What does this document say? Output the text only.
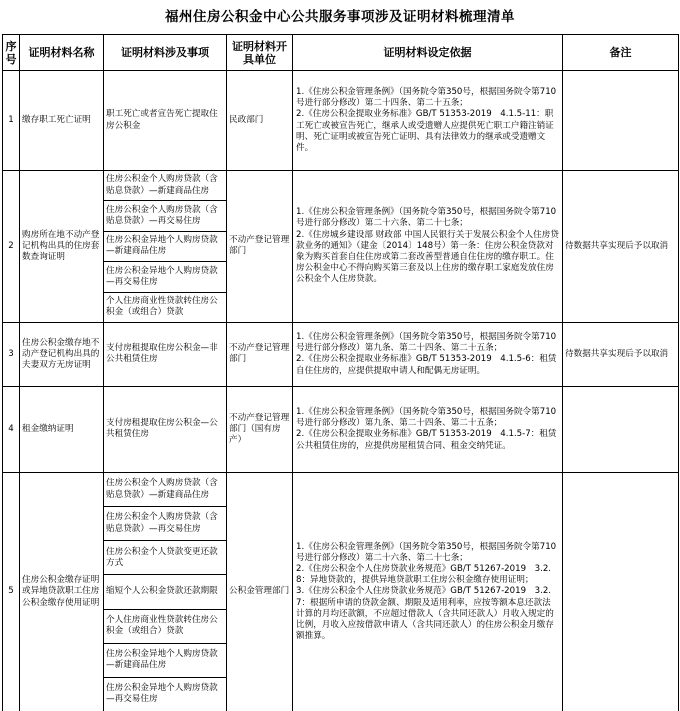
福州住房公积金中心公共服务事项涉及证明材料梳理清单
序号	证明材料名称	证明材料涉及事项	证明材料开具单位	证明材料设定依据	备注
1	缴存职工死亡证明	职工死亡或者宣告死亡提取住房公积金	民政部门	1.《住房公积金管理条例》（国务院令第350号，根据国务院令第710号进行部分修改）第二十四条、第二十五条；
2.《住房公积金提取业务标准》GB/T 51353-2019　4.1.5-11：职工死亡或被宣告死亡，继承人或受遗赠人应提供死亡职工户籍注销证明、死亡证明或被宣告死亡证明、具有法律效力的继承或受遗赠文件。	
2	购房所在地不动产登记机构出具的住房套数查询证明	住房公积金个人购房贷款（含贴息贷款）—新建商品住房	不动产登记管理部门	1.《住房公积金管理条例》（国务院令第350号，根据国务院令第710号进行部分修改）第二十六条、第二十七条；
2.《住房城乡建设部 财政部 中国人民银行关于发展公积金个人住房贷款业务的通知》（建金〔2014〕148号）第一条：住房公积金贷款对象为购买首套自住住房或第二套改善型普通自住住房的缴存职工。住房公积金中心不得向购买第三套及以上住房的缴存职工家庭发放住房公积金个人住房贷款。	待数据共享实现后予以取消
		住房公积金个人购房贷款（含贴息贷款）—再交易住房			
		住房公积金异地个人购房贷款—新建商品住房			
		住房公积金异地个人购房贷款—再交易住房			
		个人住房商业性贷款转住房公积金（或组合）贷款			
3	住房公积金缴存地不动产登记机构出具的夫妻双方无房证明	支付房租提取住房公积金—非公共租赁住房	不动产登记管理部门	1.《住房公积金管理条例》（国务院令第350号，根据国务院令第710号进行部分修改）第九条、第二十四条、第二十五条；
2.《住房公积金提取业务标准》GB/T 51353-2019　4.1.5-6：租赁自住住房的，应提供提取申请人和配偶无房证明。	待数据共享实现后予以取消
4	租金缴纳证明	支付房租提取住房公积金—公共租赁住房	不动产登记管理部门（国有房产）	1.《住房公积金管理条例》（国务院令第350号，根据国务院令第710号进行部分修改）第九条、第二十四条、第二十五条；
2.《住房公积金提取业务标准》GB/T 51353-2019　4.1.5-7：租赁公共租赁住房的，应提供房屋租赁合同、租金交纳凭证。	
5	住房公积金缴存证明或异地贷款职工住房公积金缴存使用证明	住房公积金个人购房贷款（含贴息贷款）—新建商品住房	公积金管理部门	1.《住房公积金管理条例》（国务院令第350号，根据国务院令第710号进行部分修改）第二十六条、第二十七条；
2.《住房公积金个人住房贷款业务规范》GB/T 51267-2019　3.2.8：异地贷款的，提供异地贷款职工住房公积金缴存使用证明；
3.《住房公积金个人住房贷款业务规范》GB/T 51267-2019　3.2.7：根据所申请的贷款金额、期限及适用利率，应按等额本息还款法计算的月均还款额，不应超过借款人（含共同还款人）月收入规定的比例，月收入应按借款申请人（含共同还款人）的住房公积金月缴存额推算。	
		住房公积金个人购房贷款（含贴息贷款）—再交易住房			
		住房公积金个人贷款变更还款方式			
		缩短个人公积金贷款还款期限			
		个人住房商业性贷款转住房公积金（或组合）贷款			
		住房公积金异地个人购房贷款—新建商品住房			
		住房公积金异地个人购房贷款—再交易住房			
